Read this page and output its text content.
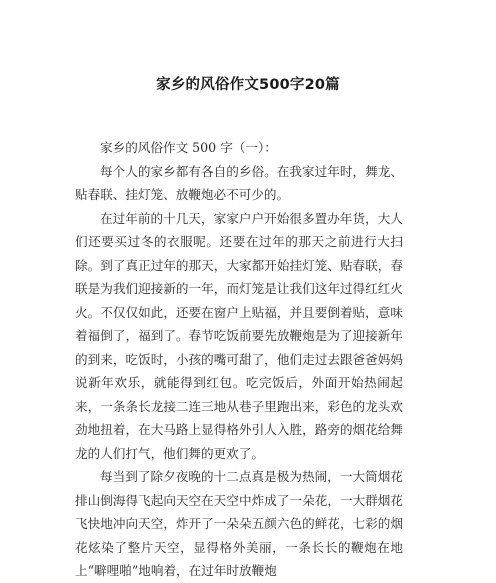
家乡的风俗作文500字20篇

家乡的风俗作文 500 字（一）：

每个人的家乡都有各自的乡俗。在我家过年时，舞龙、贴春联、挂灯笼、放鞭炮必不可少的。

在过年前的十几天，家家户户开始很多置办年货，大人们还要买过冬的衣服呢。还要在过年的那天之前进行大扫除。到了真正过年的那天，大家都开始挂灯笼、贴春联，春联是为我们迎接新的一年，而灯笼是让我们这年过得红红火火。不仅仅如此，还要在窗户上贴福，并且要倒着贴，意味着福倒了，福到了。春节吃饭前要先放鞭炮是为了迎接新年的到来，吃饭时，小孩的嘴可甜了，他们走过去跟爸爸妈妈说新年欢乐，就能得到红包。吃完饭后，外面开始热闹起来，一条条长龙接二连三地从巷子里跑出来，彩色的龙头欢劲地扭着，在大马路上显得格外引人入胜，路旁的烟花给舞龙的人们打气，他们舞的更欢了。

每当到了除夕夜晚的十二点真是极为热闹，一大筒烟花排山倒海得飞起向天空在天空中炸成了一朵花，一大群烟花飞快地冲向天空，炸开了一朵朵五颜六色的鲜花，七彩的烟花炫染了整片天空，显得格外美丽，一条长长的鞭炮在地上“噼哩啪”地响着，在过年时放鞭炮
